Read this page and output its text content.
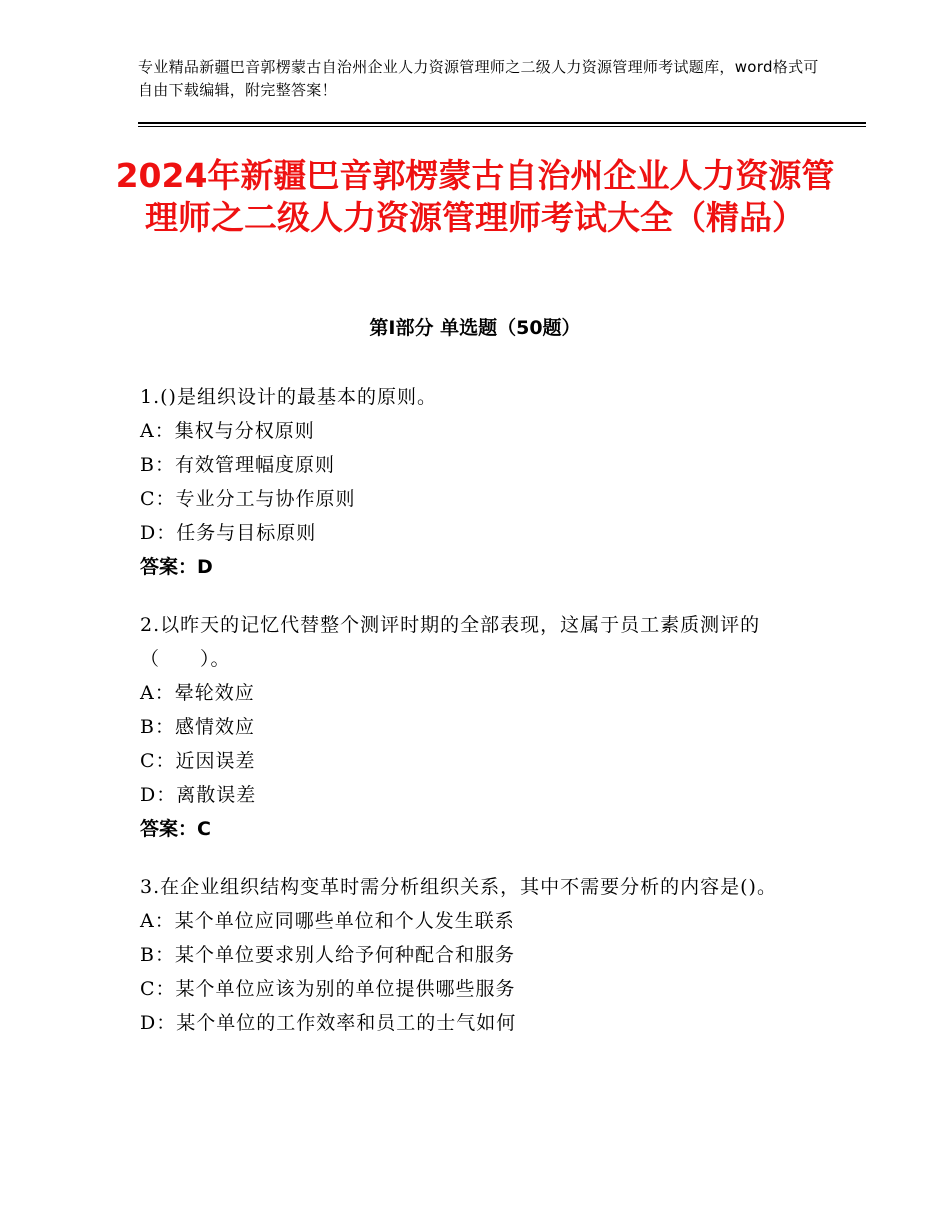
专业精品新疆巴音郭楞蒙古自治州企业人力资源管理师之二级人力资源管理师考试题库，word格式可自由下载编辑，附完整答案！
2024年新疆巴音郭楞蒙古自治州企业人力资源管理师之二级人力资源管理师考试大全（精品）
第Ⅰ部分 单选题（50题）
1.()是组织设计的最基本的原则。
A：集权与分权原则
B：有效管理幅度原则
C：专业分工与协作原则
D：任务与目标原则
答案：D
2.以昨天的记忆代替整个测评时期的全部表现，这属于员工素质测评的（　　）。
A：晕轮效应
B：感情效应
C：近因误差
D：离散误差
答案：C
3.在企业组织结构变革时需分析组织关系，其中不需要分析的内容是()。
A：某个单位应同哪些单位和个人发生联系
B：某个单位要求别人给予何种配合和服务
C：某个单位应该为别的单位提供哪些服务
D：某个单位的工作效率和员工的士气如何
